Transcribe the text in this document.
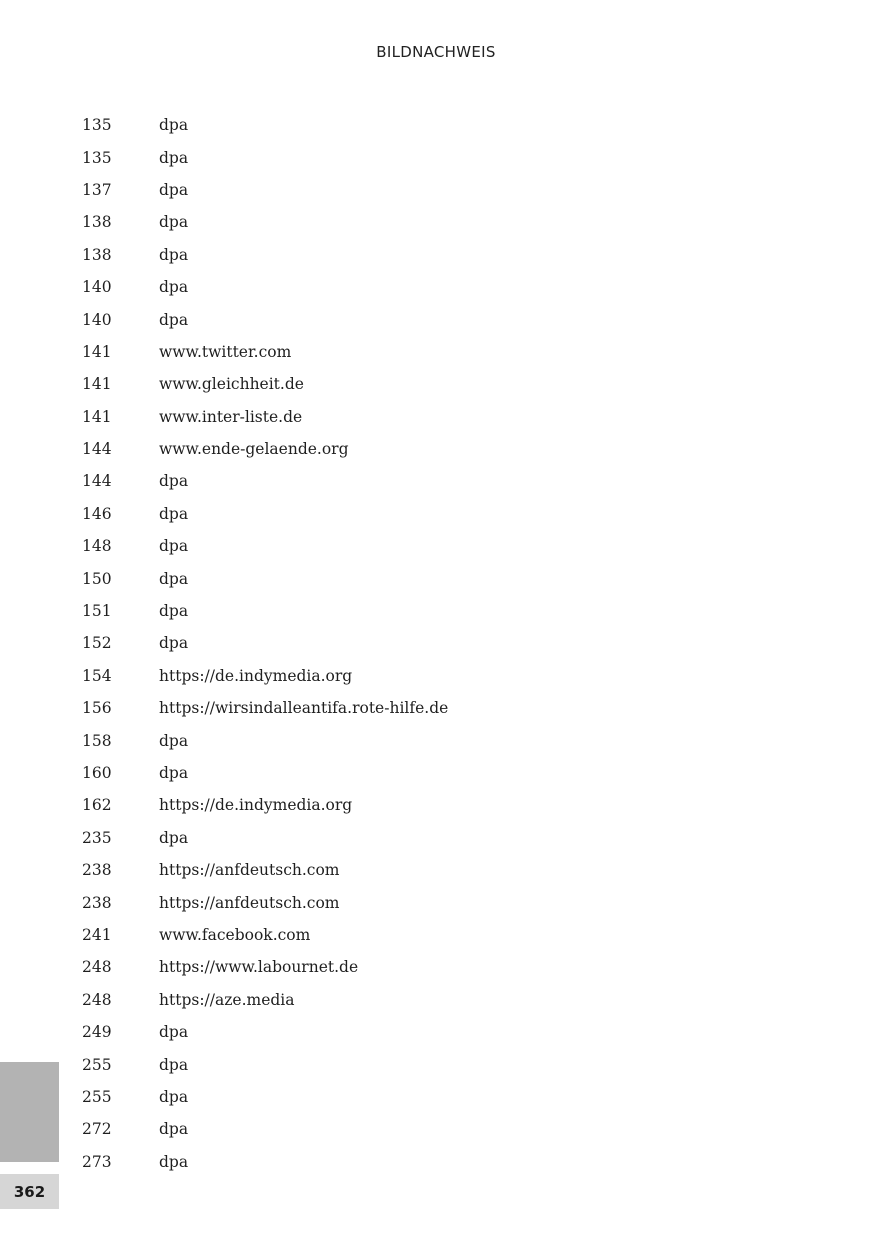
BILDNACHWEIS
135	dpa
135	dpa
137	dpa
138	dpa
138	dpa
140	dpa
140	dpa
141	www.twitter.com
141	www.gleichheit.de
141	www.inter-liste.de
144	www.ende-gelaende.org
144	dpa
146	dpa
148	dpa
150	dpa
151	dpa
152	dpa
154	https://de.indymedia.org
156	https://wirsindalleantifa.rote-hilfe.de
158	dpa
160	dpa
162	https://de.indymedia.org
235	dpa
238	https://anfdeutsch.com
238	https://anfdeutsch.com
241	www.facebook.com
248	https://www.labournet.de
248	https://aze.media
249	dpa
255	dpa
255	dpa
272	dpa
273	dpa
362
